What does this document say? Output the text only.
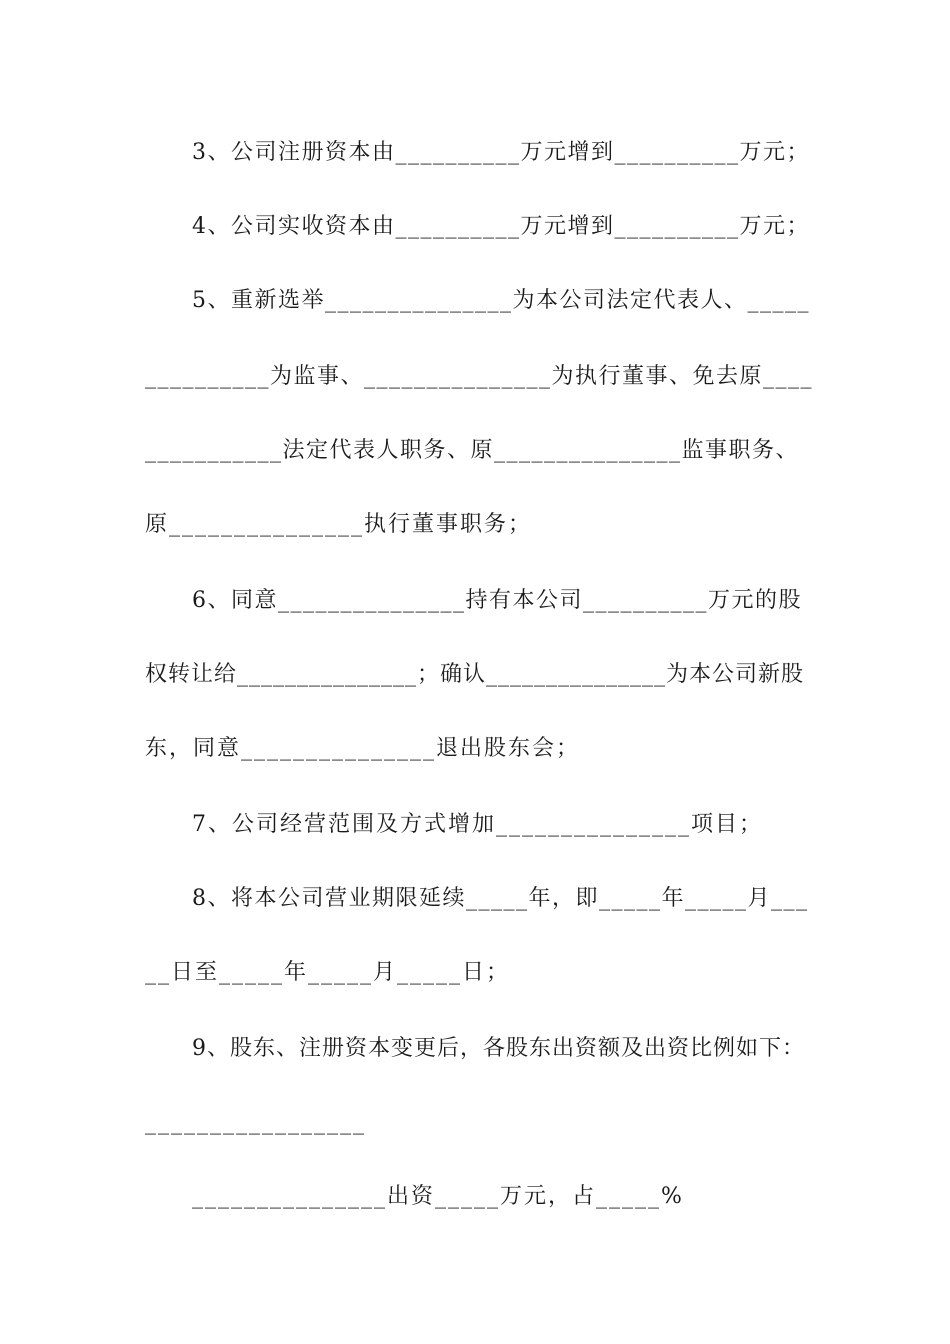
3、公司注册资本由__________万元增到__________万元；
4、公司实收资本由__________万元增到__________万元；
5、重新选举_______________为本公司法定代表人、_____
__________为监事、_______________为执行董事、免去原____
___________法定代表人职务、原_______________监事职务、
原_______________执行董事职务；
6、同意_______________持有本公司__________万元的股
权转让给_______________；确认_______________为本公司新股
东，同意_______________退出股东会；
7、公司经营范围及方式增加_______________项目；
8、将本公司营业期限延续_____年，即_____年_____月___
__日至_____年_____月_____日；
9、股东、注册资本变更后，各股东出资额及出资比例如下：
_________________
_______________出资_____万元，占_____%
